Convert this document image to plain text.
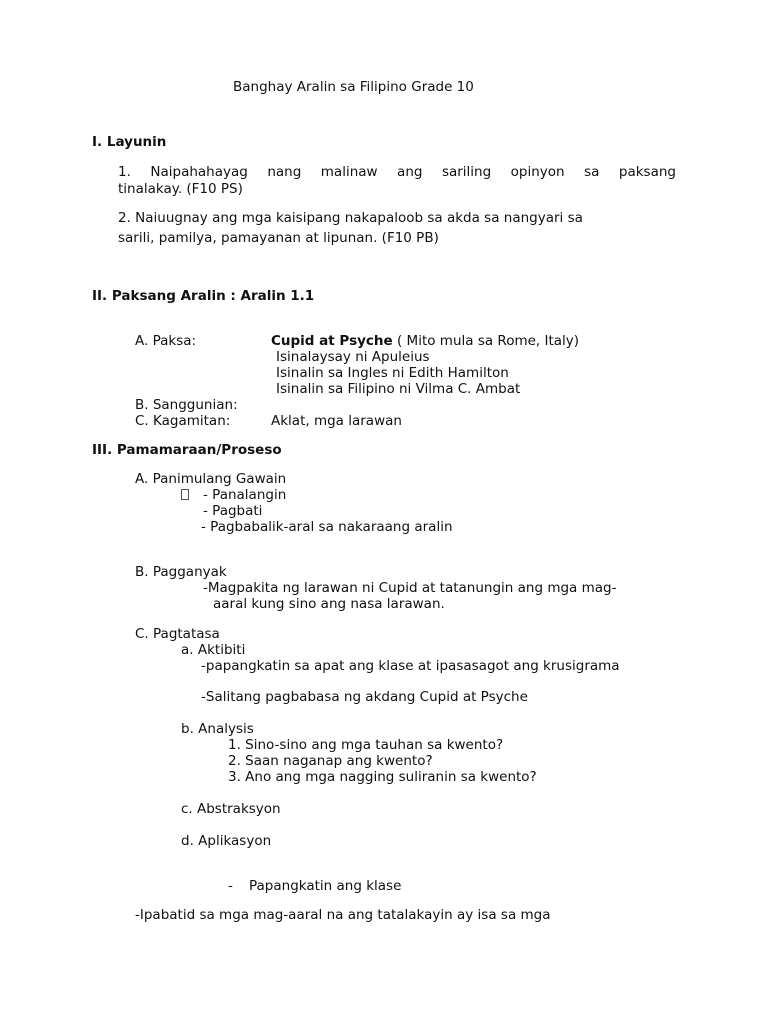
Banghay Aralin sa Filipino Grade 10
I. Layunin
1. Naipahahayag nang malinaw ang sariling opinyon sa paksang
tinalakay. (F10 PS)
2. Naiuugnay ang mga kaisipang nakapaloob sa akda sa nangyari sa
sarili, pamilya, pamayanan at lipunan. (F10 PB)
II. Paksang Aralin : Aralin 1.1
A. Paksa:	Cupid at Psyche ( Mito mula sa Rome, Italy)
Isinalaysay ni Apuleius
Isinalin sa Ingles ni Edith Hamilton
Isinalin sa Filipino ni Vilma C. Ambat
B. Sanggunian:
C. Kagamitan:	Aklat, mga larawan
III. Pamamaraan/Proseso
A. Panimulang Gawain
- Panalangin
- Pagbati
- Pagbabalik-aral sa nakaraang aralin
B. Pagganyak
-Magpakita ng larawan ni Cupid at tatanungin ang mga mag-
aaral kung sino ang nasa larawan.
C. Pagtatasa
a. Aktibiti
-papangkatin sa apat ang klase at ipasasagot ang krusigrama
-Salitang pagbabasa ng akdang Cupid at Psyche
b. Analysis
1. Sino-sino ang mga tauhan sa kwento?
2. Saan naganap ang kwento?
3. Ano ang mga nagging suliranin sa kwento?
c. Abstraksyon
d. Aplikasyon
- Papangkatin ang klase
-Ipabatid sa mga mag-aaral na ang tatalakayin ay isa sa mga
